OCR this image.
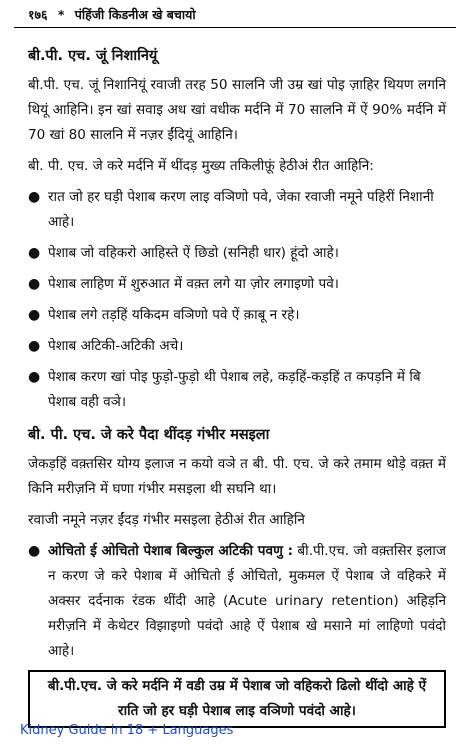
१७६ * पंहिंजी किडनीअ खे बचायो
बी.पी. एच. जूं निशानियूं

बी.पी. एच. जूं निशानियूं रवाजी तरह 50 सालनि जी उम्र खां पोइ ज़ाहिर थियण लगनि थियूं आहिनि। इन खां सवाइ अध खां वधीक मर्दनि में 70 सालनि में ऐं 90% मर्दनि में 70 खां 80 सालनि में नज़र ईंदियूं आहिनि।

बी. पी. एच. जे करे मर्दनि में थींदड़ मुख्य तकिलीफ़ूं हेठीअं रीत आहिनि:

● रात जो हर घड़ी पेशाब करण लाइ वञिणो पवे, जेका रवाजी नमूने पहिरीं निशानी आहे।
● पेशाब जो वहिकरो आहिस्ते ऐं छिडो (सनिही धार) हूंदो आहे।
● पेशाब लाहिण में शुरुआत में वक़्त लगे या ज़ोर लगाइणो पवे।
● पेशाब लगे तड़हिं यकिदम वञिणो पवे ऐं क़ाबू न रहे।
● पेशाब अटिकी-अटिकी अचे।
● पेशाब करण खां पोइ फुड़ो-फुड़ो थी पेशाब लहे, कड़हिं-कड़हिं त कपड़नि में बि पेशाब वही वञे।
बी. पी. एच. जे करे पैदा थींदड़ गंभीर मसइला

जेकड़हिं वक़्तसिर योग्य इलाज न कयो वञे त बी. पी. एच. जे करे तमाम थोड़े वक़्त में किनि मरीज़नि में घणा गंभीर मसइला थी सघनि था।

रवाजी नमूने नज़र ईंदड़ गंभीर मसइला हेठीअं रीत आहिनि

● ओचितो ई ओचितो पेशाब बिल्कुल अटिकी पवणु : बी.पी.एच. जो वक़्तसिर इलाज न करण जे करे पेशाब में ओचितो ई ओचितो, मुकमल ऐं पेशाब जे वहिकरे में अक्सर दर्दनाक रंडक थींदी आहे (Acute urinary retention) अहिड़नि मरीज़नि में केथेटर विझाइणो पवंदो आहे ऐं पेशाब खे मसाने मां लाहिणो पवंदो आहे।
बी.पी.एच. जे करे मर्दनि में वडी उम्र में पेशाब जो वहिकरो ढिलो थींदो आहे ऐं राति जो हर घड़ी पेशाब लाइ वञिणो पवंदो आहे।
Kidney Guide in 18 + Languages
